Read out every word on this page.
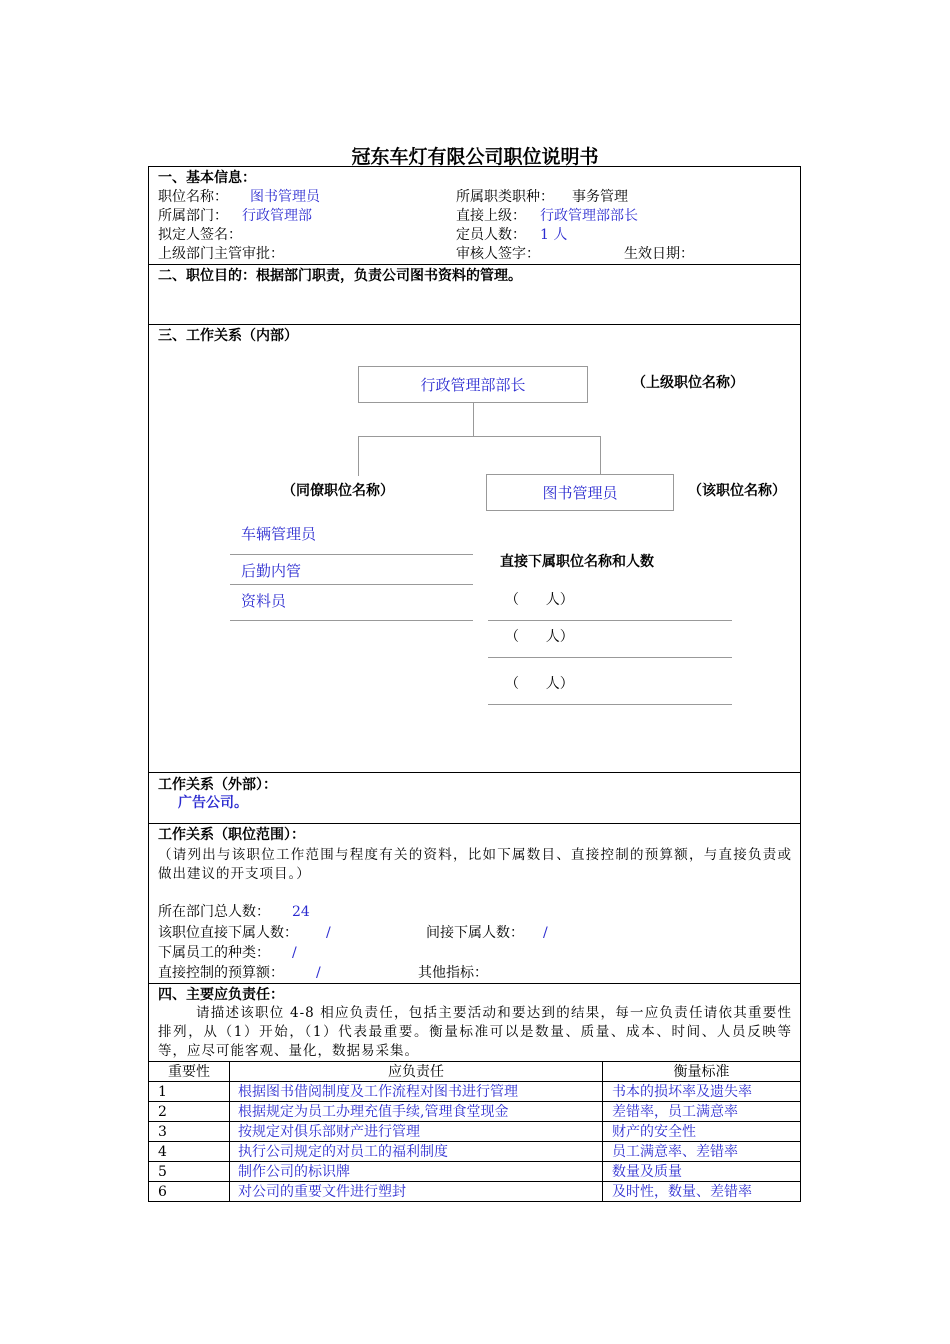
冠东车灯有限公司职位说明书
一、基本信息：
职位名称： 图书管理员	所属职类职种： 事务管理
所属部门： 行政管理部	直接上级： 行政管理部部长
拟定人签名：	定员人数： 1 人
上级部门主管审批：	审核人签字：	生效日期：
二、职位目的：根据部门职责，负责公司图书资料的管理。
三、工作关系（内部）
行政管理部部长	（上级职位名称）
图书管理员	（该职位名称）
（同僚职位名称）
车辆管理员
后勤内管
资料员
直接下属职位名称和人数
（      人）
（      人）
（      人）
工作关系（外部）：
广告公司。
工作关系（职位范围）：
（请列出与该职位工作范围与程度有关的资料，比如下属数目、直接控制的预算额，与直接负责或做出建议的开支项目。）
所在部门总人数： 24
该职位直接下属人数： /	间接下属人数： /
下属员工的种类： /
直接控制的预算额： /	其他指标：
四、主要应负责任：
请描述该职位 4-8 相应负责任，包括主要活动和要达到的结果，每一应负责任请依其重要性排列，从（1）开始，（1）代表最重要。衡量标准可以是数量、质量、成本、时间、人员反映等等，应尽可能客观、量化，数据易采集。
重要性	应负责任	衡量标准
1	根据图书借阅制度及工作流程对图书进行管理	书本的损坏率及遗失率
2	根据规定为员工办理充值手续,管理食堂现金	差错率，员工满意率
3	按规定对俱乐部财产进行管理	财产的安全性
4	执行公司规定的对员工的福利制度	员工满意率、差错率
5	制作公司的标识牌	数量及质量
6	对公司的重要文件进行塑封	及时性，数量、差错率
